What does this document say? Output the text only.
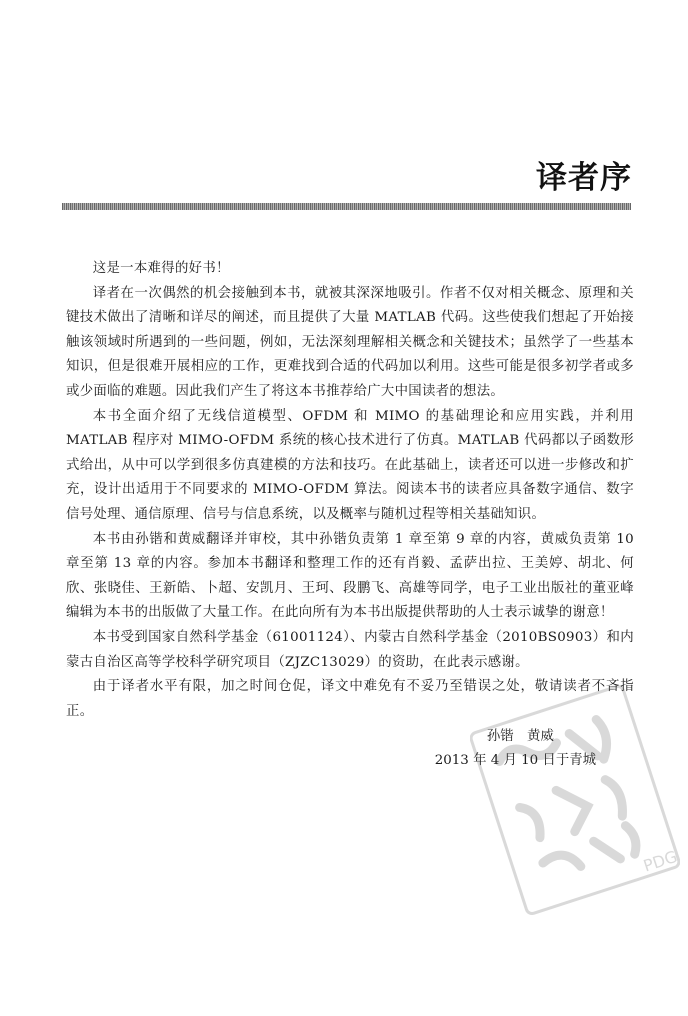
译者序

这是一本难得的好书！

译者在一次偶然的机会接触到本书，就被其深深地吸引。作者不仅对相关概念、原理和关键技术做出了清晰和详尽的阐述，而且提供了大量 MATLAB 代码。这些使我们想起了开始接触该领域时所遇到的一些问题，例如，无法深刻理解相关概念和关键技术；虽然学了一些基本知识，但是很难开展相应的工作，更难找到合适的代码加以利用。这些可能是很多初学者或多或少面临的难题。因此我们产生了将这本书推荐给广大中国读者的想法。

本书全面介绍了无线信道模型、OFDM 和 MIMO 的基础理论和应用实践，并利用 MATLAB 程序对 MIMO-OFDM 系统的核心技术进行了仿真。MATLAB 代码都以子函数形式给出，从中可以学到很多仿真建模的方法和技巧。在此基础上，读者还可以进一步修改和扩充，设计出适用于不同要求的 MIMO-OFDM 算法。阅读本书的读者应具备数字通信、数字信号处理、通信原理、信号与信息系统，以及概率与随机过程等相关基础知识。

本书由孙锴和黄威翻译并审校，其中孙锴负责第 1 章至第 9 章的内容，黄威负责第 10 章至第 13 章的内容。参加本书翻译和整理工作的还有肖毅、孟萨出拉、王美婷、胡北、何欣、张晓佳、王新皓、卜超、安凯月、王珂、段鹏飞、高雄等同学，电子工业出版社的董亚峰编辑为本书的出版做了大量工作。在此向所有为本书出版提供帮助的人士表示诚挚的谢意！

本书受到国家自然科学基金（61001124）、内蒙古自然科学基金（2010BS0903）和内蒙古自治区高等学校科学研究项目（ZJZC13029）的资助，在此表示感谢。

由于译者水平有限，加之时间仓促，译文中难免有不妥乃至错误之处，敬请读者不吝指正。

孙锴　黄威
2013 年 4 月 10 日于青城
PDG
